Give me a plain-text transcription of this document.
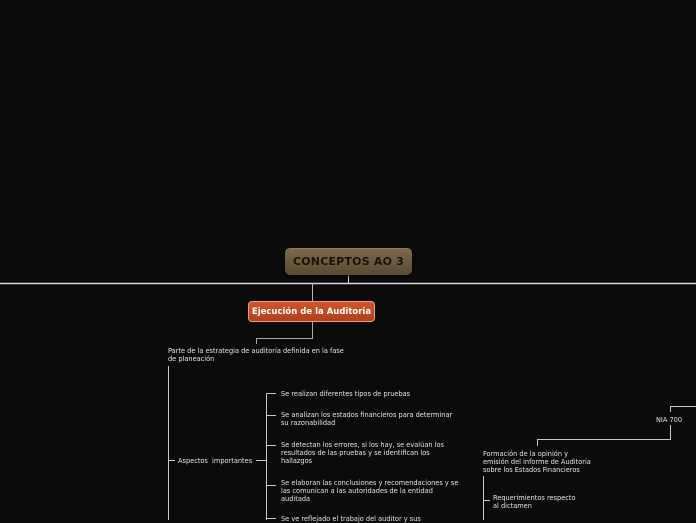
CONCEPTOS AO 3
Ejecución de la Auditoria
Parte de la estrategia de auditoría definida en la fase de planeación
Aspectos  importantes
Se realizan diferentes tipos de pruebas
Se analizan los estados financieros para determinar su razonabilidad
Se detectan los errores, si los hay, se evalúan los resultados de las pruebas y se identifican los hallazgos
Se elaboran las conclusiones y recomendaciones y se las comunican a las autoridades de la entidad auditada
Se ve reflejado el trabajo del auditor y sus
NIA 700
Formación de la opinión y emisión del informe de Auditoría sobre los Estados Financieros
Requerimientos respecto al dictamen
